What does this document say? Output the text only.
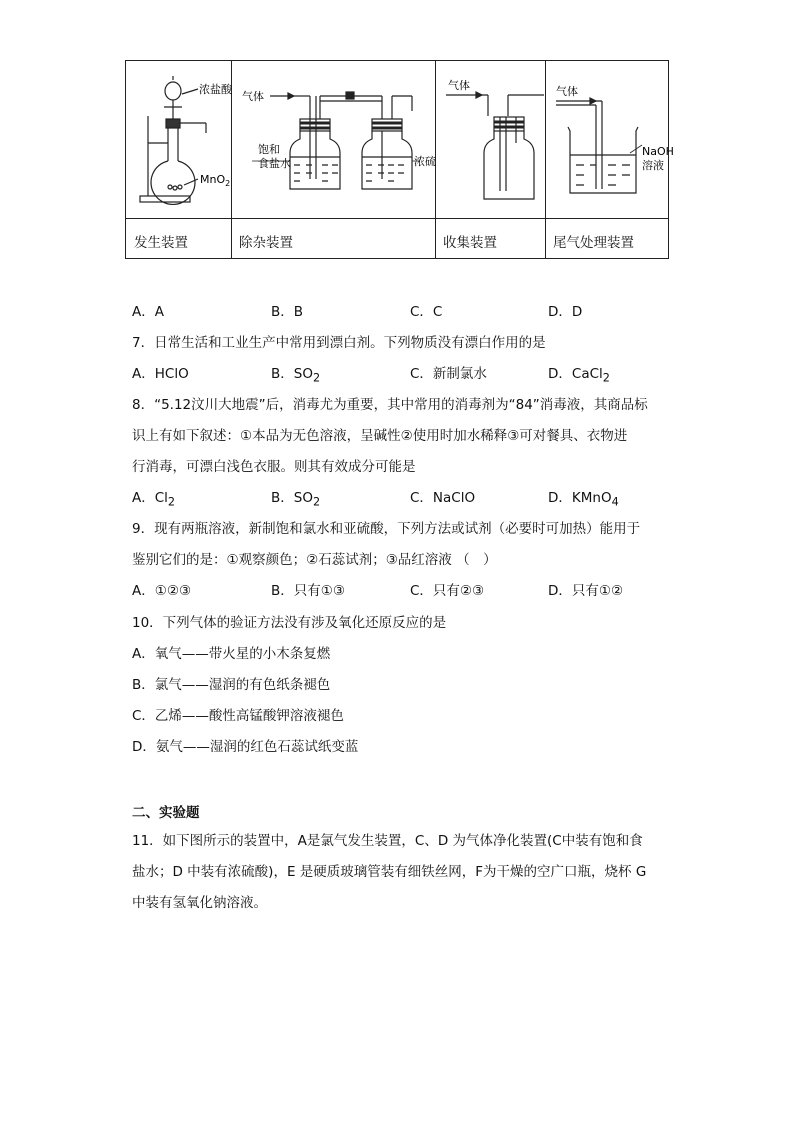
浓盐酸
MnO$_2$
气体
饱和
食盐水	浓硫
气体	气体
NaOH
溶液
发生装置	除杂装置	收集装置	尾气处理装置
A．A	B．B	C．C	D．D
7．日常生活和工业生产中常用到漂白剂。下列物质没有漂白作用的是
A．HClO	B．$SO_2$	C．新制氯水	D．CaCl$_2$
8．“5.12汶川大地震”后，消毒尤为重要，其中常用的消毒剂为“84”消毒液，其商品标
识上有如下叙述：①本品为无色溶液，呈碱性②使用时加水稀释③可对餐具、衣物进
行消毒，可漂白浅色衣服。则其有效成分可能是
A．$Cl_2$	B．$SO_2$	C．NaClO	D．KMnO$_4$
9．现有两瓶溶液，新制饱和氯水和亚硫酸，下列方法或试剂（必要时可加热）能用于
鉴别它们的是：①观察颜色；②石蕊试剂；③品红溶液 （　）
A．①②③	B．只有①③	C．只有②③	D．只有①②
10．下列气体的验证方法没有涉及氧化还原反应的是
A．氧气——带火星的小木条复燃
B．氯气——湿润的有色纸条褪色
C．乙烯——酸性高锰酸钾溶液褪色
D．氨气——湿润的红色石蕊试纸变蓝
二、实验题
11．如下图所示的装置中，A是氯气发生装置，C、D 为气体净化装置(C中装有饱和食
盐水；D 中装有浓硫酸)，E 是硬质玻璃管装有细铁丝网，F为干燥的空广口瓶，烧杯 G
中装有氢氧化钠溶液。
